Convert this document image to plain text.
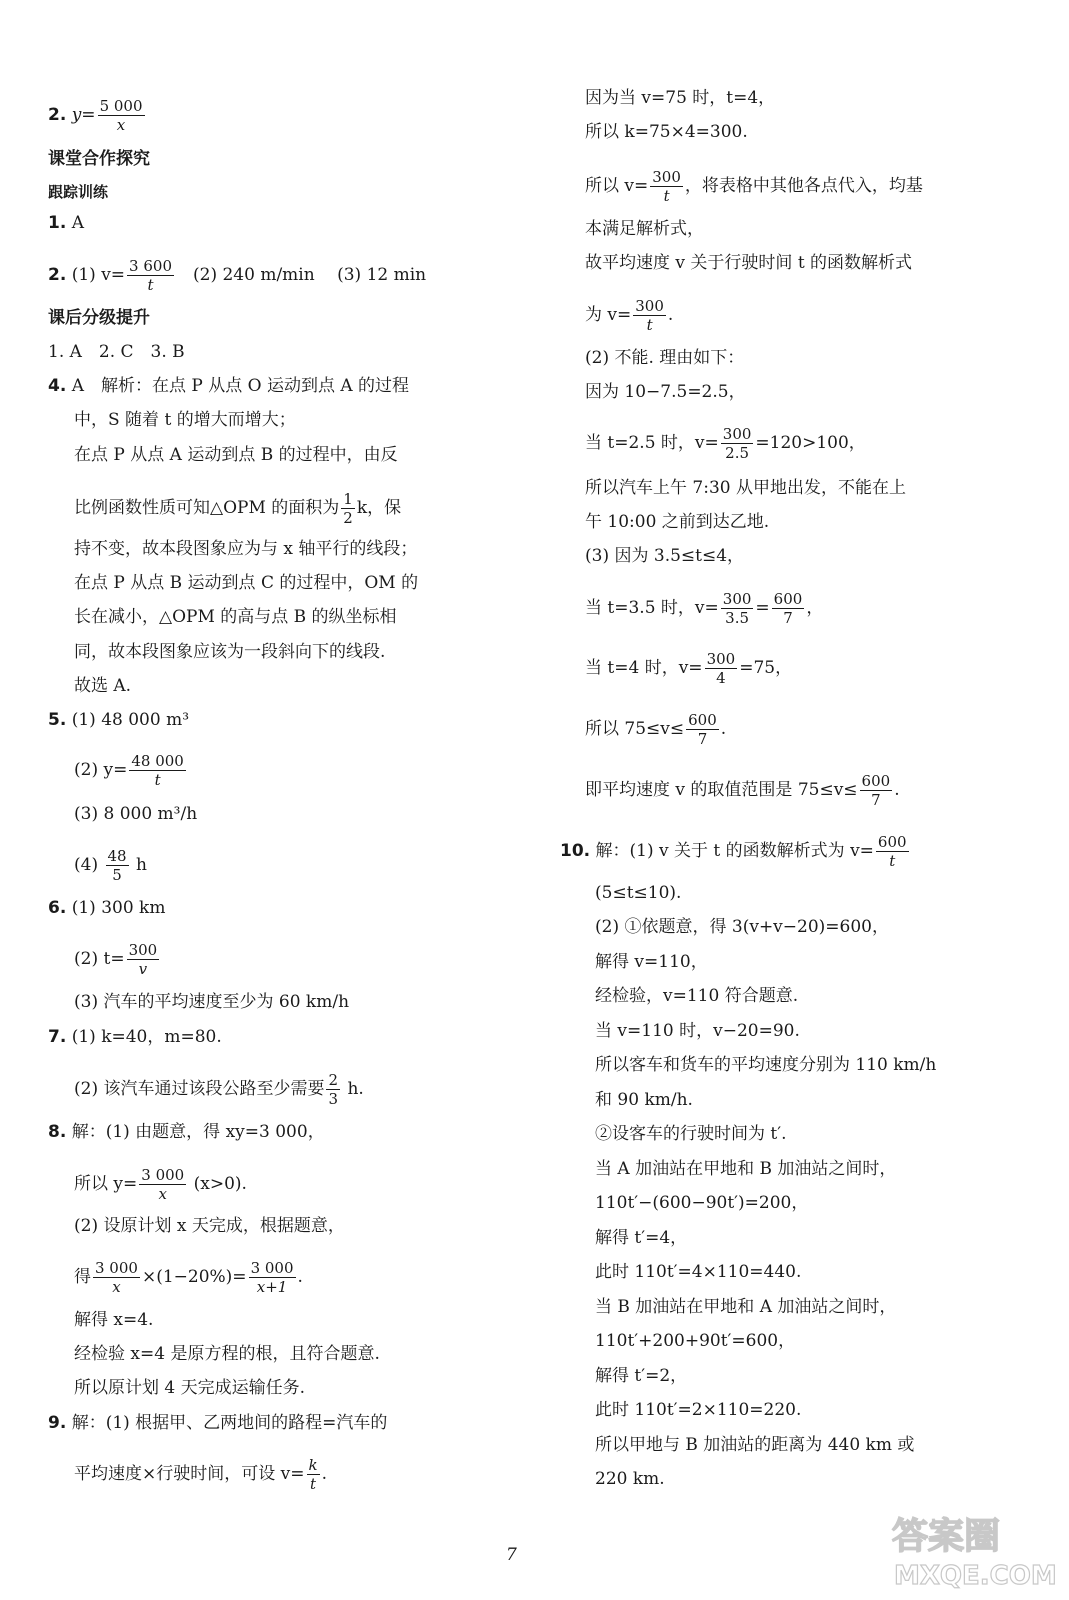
2. $y= \frac{5 000}{x}$
课堂合作探究
跟踪训练
1. A
2. (1) $v= \frac{3 600}{t}$
　 (2) 240 m/min　 (3) 12 min
课后分级提升
1. A　2. C　3. B
4. A　解析：在点 P 从点 O 运动到点 A 的过程
中，S 随着 t 的增大而增大；
在点 P 从点 A 运动到点 B 的过程中，由反
比例函数性质可知△OPM 的面积为 $\frac{1}{2}$ k，保
持不变，故本段图象应为与 x 轴平行的线段；
在点 P 从点 B 运动到点 C 的过程中，OM 的
长在减小，△OPM 的高与点 B 的纵坐标相
同，故本段图象应该为一段斜向下的线段.
故选 A.
5. (1) 48 000 m³
(2) $y= \frac{48 000}{t}$
(3) 8 000 m³/h
$(4) \frac{48}{5}$ h
6. (1) 300 km
(2) $t= \frac{300}{v}$
(3) 汽车的平均速度至少为 60 km/h
7. (1) k=40，m=80.
(2) 该汽车通过该段公路至少需要 $\frac{2}{3} h$.
8. 解：(1) 由题意，得 xy=3 000，
所以 $y= \frac{3 000}{x} (x>0)$.
(2) 设原计划 x 天完成，根据题意，
得 $\frac{3 000}{x} \times(1-20\%)= \frac{3 000}{x+1}$ .
解得 x=4.
经检验 x=4 是原方程的根，且符合题意.
所以原计划 4 天完成运输任务.
9. 解：(1) 根据甲、乙两地间的路程=汽车的
平均速度×行驶时间，可设 $v= \frac{k}{t}$ .
因为当 v=75 时，t=4，
所以 k=75×4=300.
所以 $v= \frac{300}{t}$ ，将表格中其他各点代入，均基
本满足解析式，
故平均速度 v 关于行驶时间 t 的函数解析式
为 $v= \frac{300}{t}$ .
(2) 不能. 理由如下：
因为 10−7.5=2.5，
当 t=2.5 时，$v= \frac{300}{2.5} =120>100$，
所以汽车上午 7:30 从甲地出发，不能在上
午 10:00 之前到达乙地.
(3) 因为 3.5≤t≤4，
当 t=3.5 时，$v= \frac{300}{3.5} = \frac{600}{7}$ ，
当 t=4 时，$v= \frac{300}{4} =75$，
所以 $75\le v\le \frac{600}{7}$ .
即平均速度 v 的取值范围是 $75\le v\le \frac{600}{7}$ .
10. 解：(1) v 关于 t 的函数解析式为 $v= \frac{600}{t}$
(5≤t≤10).
(2) ①依题意，得 3(v+v−20)=600，
解得 v=110，
经检验，v=110 符合题意.
当 v=110 时，v−20=90.
所以客车和货车的平均速度分别为 110 km/h
和 90 km/h.
②设客车的行驶时间为 t′.
当 A 加油站在甲地和 B 加油站之间时，
110t′−(600−90t′)=200，
解得 t′=4，
此时 110t′=4×110=440.
当 B 加油站在甲地和 A 加油站之间时，
110t′+200+90t′=600，
解得 t′=2，
此时 110t′=2×110=220.
所以甲地与 B 加油站的距离为 440 km 或
220 km.
7	答案圈
MXQE.COM
